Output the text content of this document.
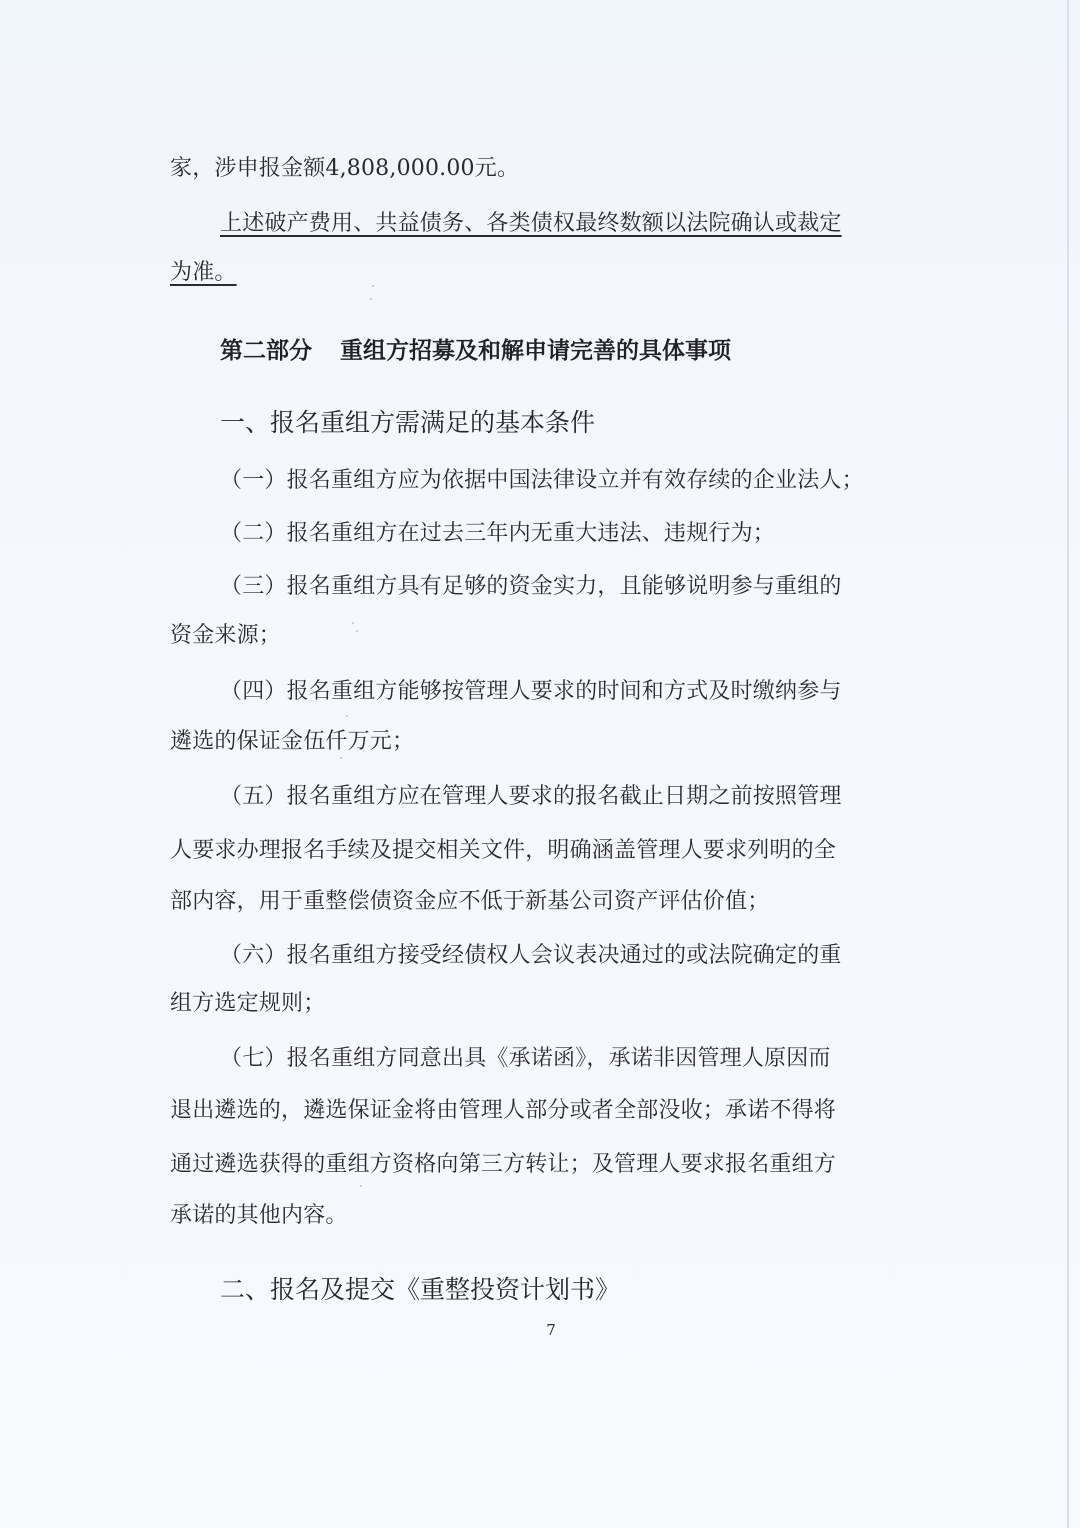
家，涉申报金额4,808,000.00元。
上述破产费用、共益债务、各类债权最终数额以法院确认或裁定
为准。
第二部分 重组方招募及和解申请完善的具体事项
一、报名重组方需满足的基本条件
（一）报名重组方应为依据中国法律设立并有效存续的企业法人；
（二）报名重组方在过去三年内无重大违法、违规行为；
（三）报名重组方具有足够的资金实力，且能够说明参与重组的
资金来源；
（四）报名重组方能够按管理人要求的时间和方式及时缴纳参与
遴选的保证金伍仟万元；
（五）报名重组方应在管理人要求的报名截止日期之前按照管理
人要求办理报名手续及提交相关文件，明确涵盖管理人要求列明的全
部内容，用于重整偿债资金应不低于新基公司资产评估价值；
（六）报名重组方接受经债权人会议表决通过的或法院确定的重
组方选定规则；
（七）报名重组方同意出具《承诺函》，承诺非因管理人原因而
退出遴选的，遴选保证金将由管理人部分或者全部没收；承诺不得将
通过遴选获得的重组方资格向第三方转让；及管理人要求报名重组方
承诺的其他内容。
二、报名及提交《重整投资计划书》
7
